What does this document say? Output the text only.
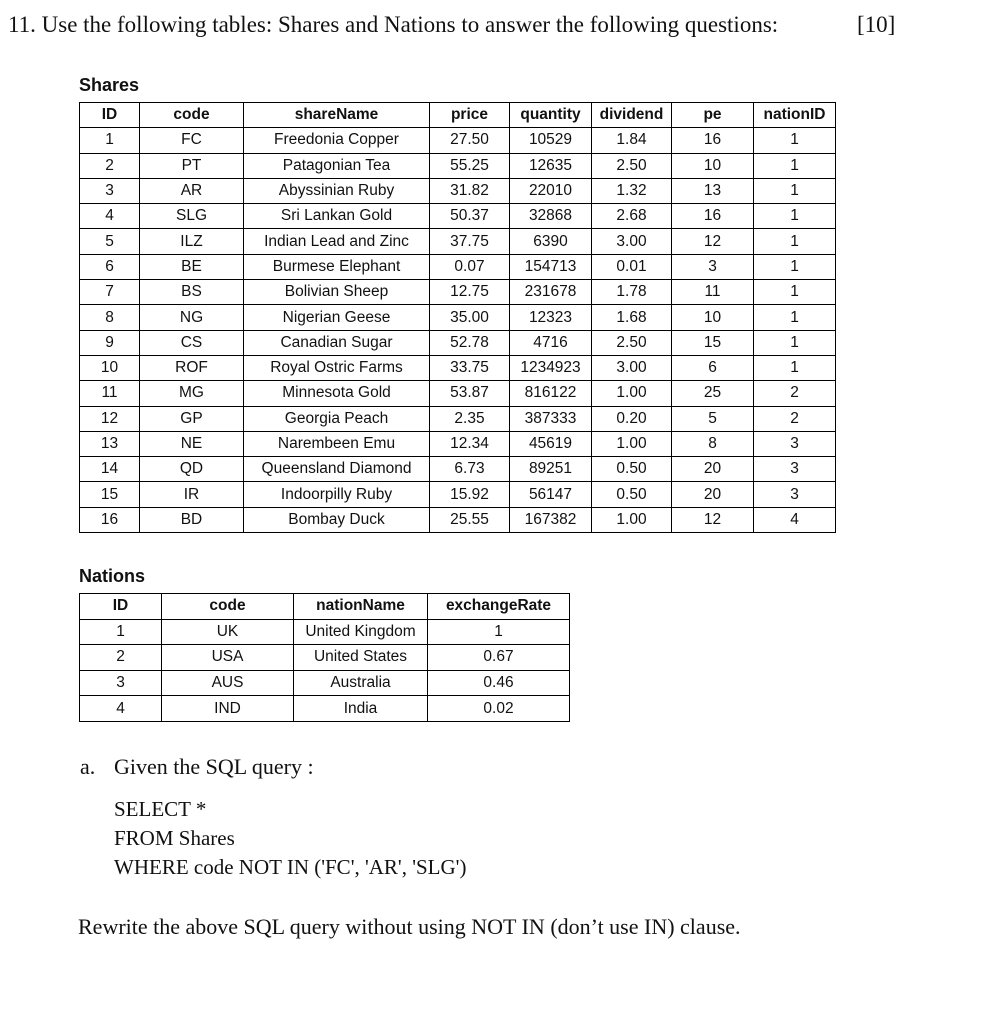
11. Use the following tables: Shares and Nations to answer the following questions:	[10]
Shares
ID	code	shareName	price	quantity	dividend	pe	nationID
1	FC	Freedonia Copper	27.50	10529	1.84	16	1
2	PT	Patagonian Tea	55.25	12635	2.50	10	1
3	AR	Abyssinian Ruby	31.82	22010	1.32	13	1
4	SLG	Sri Lankan Gold	50.37	32868	2.68	16	1
5	ILZ	Indian Lead and Zinc	37.75	6390	3.00	12	1
6	BE	Burmese Elephant	0.07	154713	0.01	3	1
7	BS	Bolivian Sheep	12.75	231678	1.78	11	1
8	NG	Nigerian Geese	35.00	12323	1.68	10	1
9	CS	Canadian Sugar	52.78	4716	2.50	15	1
10	ROF	Royal Ostric Farms	33.75	1234923	3.00	6	1
11	MG	Minnesota Gold	53.87	816122	1.00	25	2
12	GP	Georgia Peach	2.35	387333	0.20	5	2
13	NE	Narembeen Emu	12.34	45619	1.00	8	3
14	QD	Queensland Diamond	6.73	89251	0.50	20	3
15	IR	Indoorpilly Ruby	15.92	56147	0.50	20	3
16	BD	Bombay Duck	25.55	167382	1.00	12	4
Nations
ID	code	nationName	exchangeRate
1	UK	United Kingdom	1
2	USA	United States	0.67
3	AUS	Australia	0.46
4	IND	India	0.02
a. Given the SQL query :
SELECT *
FROM Shares
WHERE code NOT IN ('FC', 'AR', 'SLG')
Rewrite the above SQL query without using NOT IN (don’t use IN) clause.
